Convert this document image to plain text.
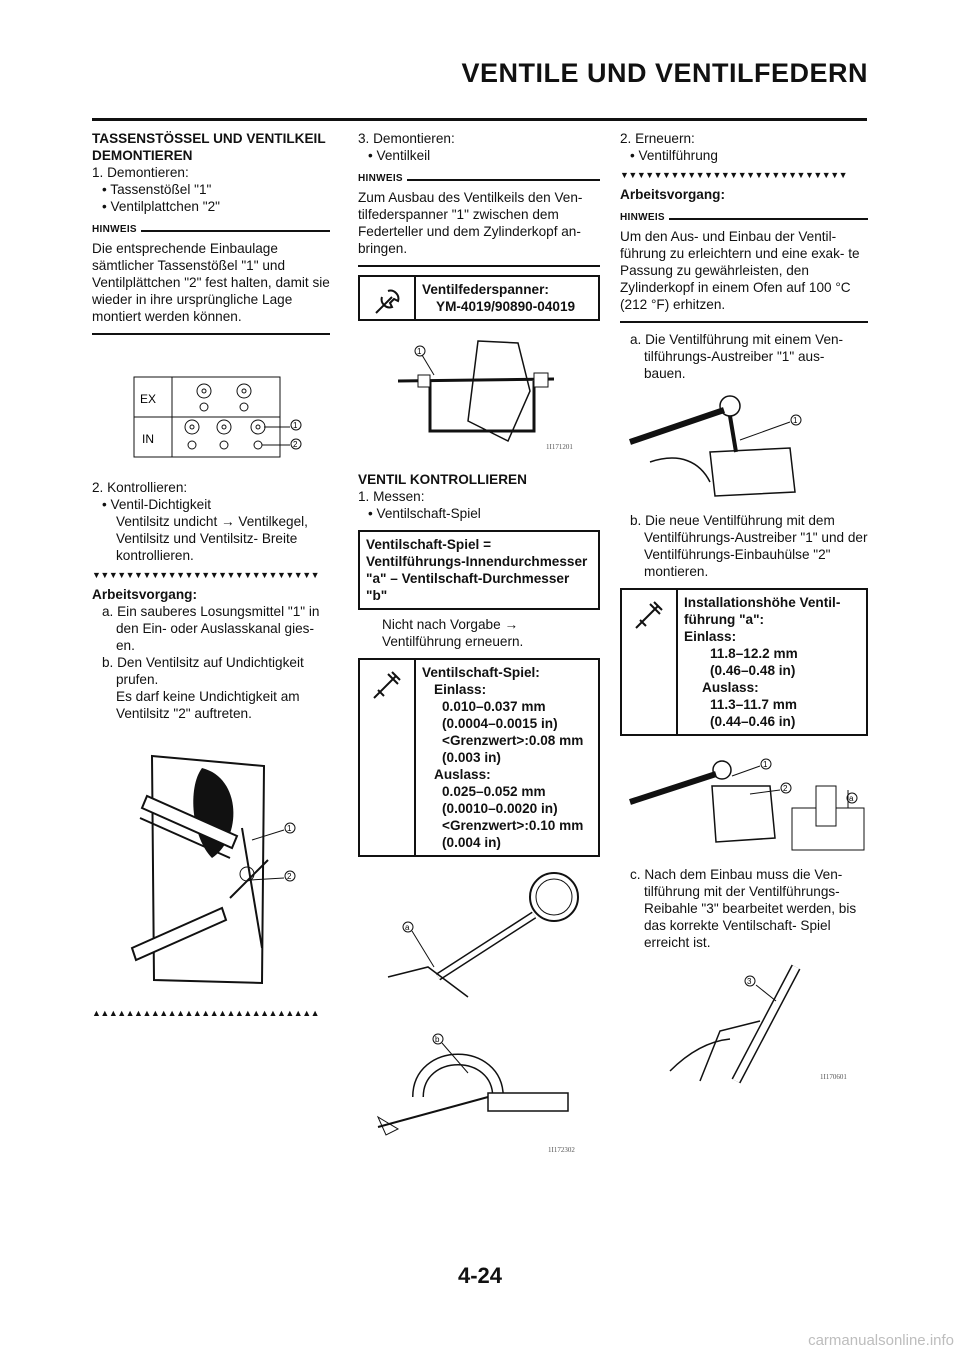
VENTILE UND VENTILFEDERN

TASSENSTÖSSEL UND VENTILKEIL DEMONTIEREN

1. Demontieren:

• Tassenstößel "1"

• Ventilplattchen "2"

HINWEIS

Die entsprechende Einbaulage sämtlicher Tassenstößel "1" und Ventilplättchen "2" fest halten, damit sie wieder in ihre ursprüngliche Lage montiert werden können.

EX
IN
1
2

2. Kontrollieren:

• Ventil-Dichtigkeit

Ventilsitz undicht → Ventilkegel, Ventilsitz und Ventilsitz- Breite kontrollieren.

▼▼▼▼▼▼▼▼▼▼▼▼▼▼▼▼▼▼▼▼▼▼▼▼▼▼▼

Arbeitsvorgang:

a. Ein sauberes Losungsmittel "1" in den Ein- oder Auslasskanal gies- en.

b. Den Ventilsitz auf Undichtigkeit prufen.

Es darf keine Undichtigkeit am Ventilsitz "2" auftreten.

1
2
▲▲▲▲▲▲▲▲▲▲▲▲▲▲▲▲▲▲▲▲▲▲▲▲▲▲▲

3. Demontieren:

• Ventilkeil

HINWEIS

Zum Ausbau des Ventilkeils den Ven- tilfederspanner "1" zwischen dem Federteller und dem Zylinderkopf an- bringen.

Ventilfederspanner:
YM-4019/90890-04019
1
1I171201

VENTIL KONTROLLIEREN

1. Messen:

• Ventilschaft-Spiel

Ventilschaft-Spiel = Ventilführungs-Innendurchmesser "a" – Ventilschaft-Durchmesser "b"

Nicht nach Vorgabe → Ventilführung erneuern.

Ventilschaft-Spiel:
Einlass:
0.010–0.037 mm
(0.0004–0.0015 in)
<Grenzwert>:0.08 mm
(0.003 in)
Auslass:
0.025–0.052 mm
(0.0010–0.0020 in)
<Grenzwert>:0.10 mm
(0.004 in)
a
b
1I172302

2. Erneuern:

• Ventilführung

▼▼▼▼▼▼▼▼▼▼▼▼▼▼▼▼▼▼▼▼▼▼▼▼▼▼▼

Arbeitsvorgang:

HINWEIS

Um den Aus- und Einbau der Ventil- führung zu erleichtern und eine exak- te Passung zu gewährleisten, den Zylinderkopf in einem Ofen auf 100 °C (212 °F) erhitzen.

a. Die Ventilführung mit einem Ven- tilführungs-Austreiber "1" aus- bauen.

1

b. Die neue Ventilführung mit dem Ventilführungs-Austreiber "1" und der Ventilführungs-Einbauhülse "2" montieren.

Installationshöhe Ventil- führung "a":
Einlass:
11.8–12.2 mm
(0.46–0.48 in)
Auslass:
11.3–11.7 mm
(0.44–0.46 in)
1
2
a

c. Nach dem Einbau muss die Ven- tilführung mit der Ventilführungs- Reibahle "3" bearbeitet werden, bis das korrekte Ventilschaft- Spiel erreicht ist.

3
1I170601
4-24
carmanualsonline.info
